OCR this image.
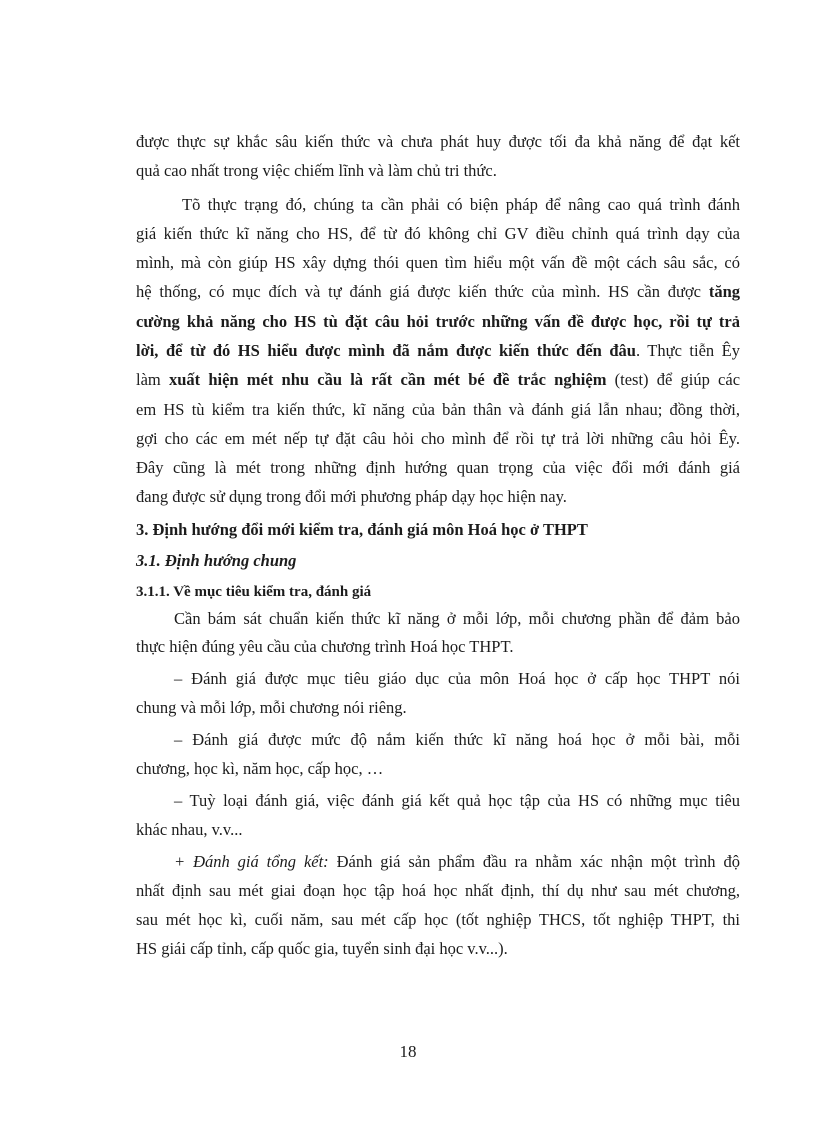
được thực sự khắc sâu kiến thức và chưa phát huy được tối đa khả năng để đạt kết
quả cao nhất trong việc chiếm lĩnh và làm chủ tri thức.
Tõ thực trạng đó, chúng ta cần phải có biện pháp để nâng cao quá trình đánh
giá kiến thức kĩ năng cho HS, để từ đó không chỉ GV điều chỉnh quá trình dạy của
mình, mà còn giúp HS xây dựng thói quen tìm hiểu một vấn đề một cách sâu sắc, có
hệ thống, có mục đích và tự đánh giá được kiến thức của mình. HS cần được tăng
cường khả năng cho HS tù đặt câu hỏi trước những vấn đề được học, rồi tự trả
lời, để từ đó HS hiểu được mình đã nắm được kiến thức đến đâu. Thực tiễn Êy
làm xuất hiện mét nhu cầu là rất cần mét bé đề trắc nghiệm (test) để giúp các
em HS tù kiểm tra kiến thức, kĩ năng của bản thân và đánh giá lẫn nhau; đồng thời,
gợi cho các em mét nếp tự đặt câu hỏi cho mình để rồi tự trả lời những câu hỏi Êy.
Đây cũng là mét trong những định hướng quan trọng của việc đổi mới đánh giá
đang được sử dụng trong đổi mới phương pháp dạy học hiện nay.
3. Định hướng đổi mới kiểm tra, đánh giá môn Hoá học ở THPT
3.1. Định hướng chung
3.1.1. Về mục tiêu kiểm tra, đánh giá
Cần bám sát chuẩn kiến thức kĩ năng ở mỗi lớp, mỗi chương phần để đảm bảo
thực hiện đúng yêu cầu của chương trình Hoá học THPT.
– Đánh giá được mục tiêu giáo dục của môn Hoá học ở cấp học THPT nói
chung và mỗi lớp, mỗi chương nói riêng.
– Đánh giá được mức độ nắm kiến thức kĩ năng hoá học ở mỗi bài, mỗi
chương, học kì, năm học, cấp học, …
– Tuỳ loại đánh giá, việc đánh giá kết quả học tập của HS có những mục tiêu
khác nhau, v.v...
+ Đánh giá tổng kết: Đánh giá sản phẩm đầu ra nhằm xác nhận một trình độ
nhất định sau mét giai đoạn học tập hoá học nhất định, thí dụ như sau mét chương,
sau mét học kì, cuối năm, sau mét cấp học (tốt nghiệp THCS, tốt nghiệp THPT, thi
HS giái cấp tỉnh, cấp quốc gia, tuyển sinh đại học v.v...).
18
